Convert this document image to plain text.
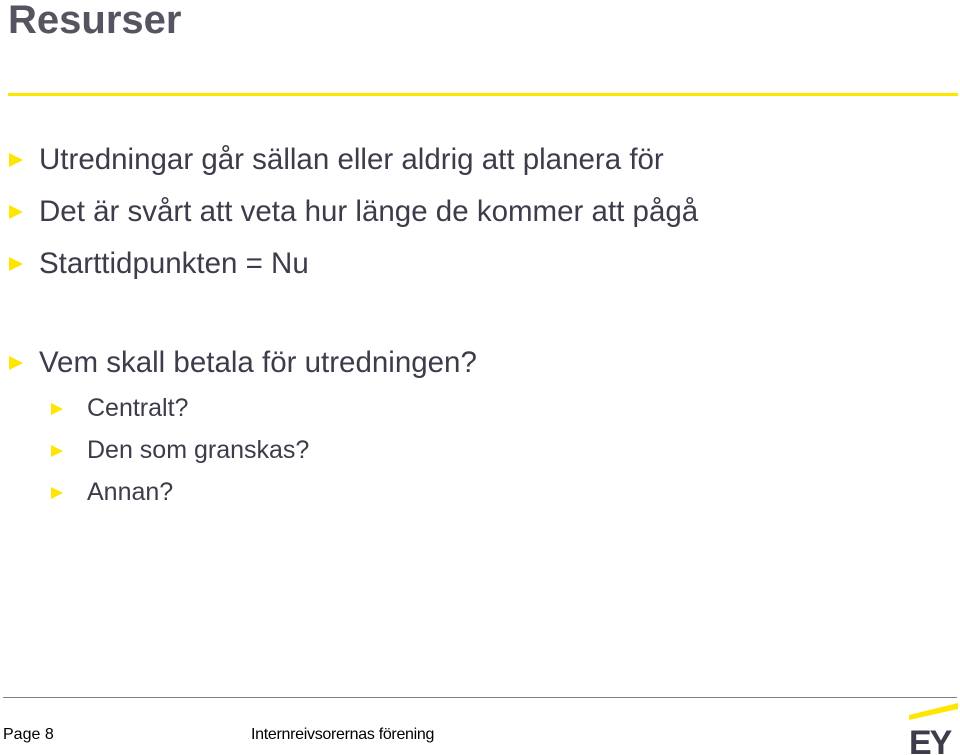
Resurser
Utredningar går sällan eller aldrig att planera för
Det är svårt att veta hur länge de kommer att pågå
Starttidpunkten = Nu
Vem skall betala för utredningen?
Centralt?
Den som granskas?
Annan?
Page 8	Internreivsorernas förening	EY
